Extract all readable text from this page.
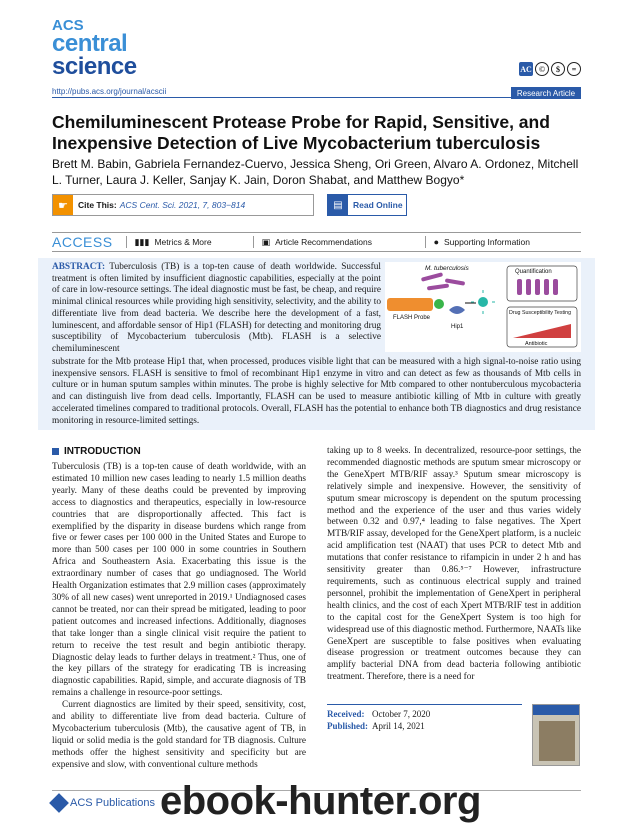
ACS
central
science	AC ©	$	=
http://pubs.acs.org/journal/acscii	Research Article
Chemiluminescent Protease Probe for Rapid, Sensitive, and Inexpensive Detection of Live Mycobacterium tuberculosis
Brett M. Babin, Gabriela Fernandez-Cuervo, Jessica Sheng, Ori Green, Alvaro A. Ordonez, Mitchell L. Turner, Laura J. Keller, Sanjay K. Jain, Doron Shabat, and Matthew Bogyo*
☛	Cite This: ACS Cent. Sci. 2021, 7, 803−814	▤	Read Online
ACCESS ▮▮▮ Metrics & More	▣ Article Recommendations	● Supporting Information
ABSTRACT: Tuberculosis (TB) is a top-ten cause of death worldwide. Successful treatment is often limited by insufficient diagnostic capabilities, especially at the point of care in low-resource settings. The ideal diagnostic must be fast, be cheap, and require minimal clinical resources while providing high sensitivity, selectivity, and the ability to differentiate live from dead bacteria. We describe here the development of a fast, luminescent, and affordable sensor of Hip1 (FLASH) for detecting and monitoring drug susceptibility of Mycobacterium tuberculosis (Mtb). FLASH is a selective chemiluminescent
M. tuberculosis
FLASH Probe
Hip1
Quantification
Drug Susceptibility Testing
Antibiotic
substrate for the Mtb protease Hip1 that, when processed, produces visible light that can be measured with a high signal-to-noise ratio using inexpensive sensors. FLASH is sensitive to fmol of recombinant Hip1 enzyme in vitro and can detect as few as thousands of Mtb cells in culture or in human sputum samples within minutes. The probe is highly selective for Mtb compared to other nontuberculous mycobacteria and can distinguish live from dead cells. Importantly, FLASH can be used to measure antibiotic killing of Mtb in culture with greatly accelerated timelines compared to traditional protocols. Overall, FLASH has the potential to enhance both TB diagnostics and drug resistance monitoring in resource-limited settings.
INTRODUCTION

Tuberculosis (TB) is a top-ten cause of death worldwide, with an estimated 10 million new cases leading to nearly 1.5 million deaths yearly. Many of these deaths could be prevented by improving access to diagnostics and therapeutics, especially in low-resource countries that are disproportionally affected. This fact is exemplified by the disparity in disease burdens which range from five or fewer cases per 100 000 in the United States and Europe to more than 500 cases per 100 000 in some countries in Southern Africa and Southeastern Asia. Exacerbating this issue is the extraordinary number of cases that go undiagnosed. The World Health Organization estimates that 2.9 million cases (approximately 30% of all new cases) went unreported in 2019.¹ Undiagnosed cases cannot be treated, nor can their spread be mitigated, leading to poor patient outcomes and increased infections. Additionally, diagnoses that take longer than a single clinical visit require the patient to return to receive the test result and begin antibiotic therapy. Diagnostic delay leads to further delays in treatment.² Thus, one of the key pillars of the strategy for eradicating TB is increasing diagnostic capabilities. Rapid, simple, and accurate diagnosis of TB remains a challenge in resource-poor settings.

Current diagnostics are limited by their speed, sensitivity, cost, and ability to differentiate live from dead bacteria. Culture of Mycobacterium tuberculosis (Mtb), the causative agent of TB, in liquid or solid media is the gold standard for TB diagnosis. Culture methods offer the highest sensitivity and specificity but are expensive and slow, with conventional culture methods

taking up to 8 weeks. In decentralized, resource-poor settings, the recommended diagnostic methods are sputum smear microscopy or the GeneXpert MTB/RIF assay.³ Sputum smear microscopy is relatively simple and inexpensive. However, the sensitivity of sputum smear microscopy is dependent on the sputum processing method and the experience of the user and thus varies widely between 0.32 and 0.97,⁴ leading to false negatives. The Xpert MTB/RIF assay, developed for the GeneXpert platform, is a nucleic acid amplification test (NAAT) that uses PCR to detect Mtb and mutations that confer resistance to rifampicin in under 2 h and has sensitivity greater than 0.86.⁵⁻⁷ However, infrastructure requirements, such as continuous electrical supply and trained personnel, prohibit the implementation of GeneXpert in peripheral health clinics, and the cost of each Xpert MTB/RIF test in addition to the capital cost for the GeneXpert System is too high for widespread use of this diagnostic method. Furthermore, NAATs like GeneXpert are susceptible to false positives when evaluating disease progression or treatment outcomes because they can amplify bacterial DNA from dead bacteria following antibiotic treatment. Therefore, there is a need for

Received: October 7, 2020
Published: April 14, 2021
ACS Publications ebook-hunter.org
